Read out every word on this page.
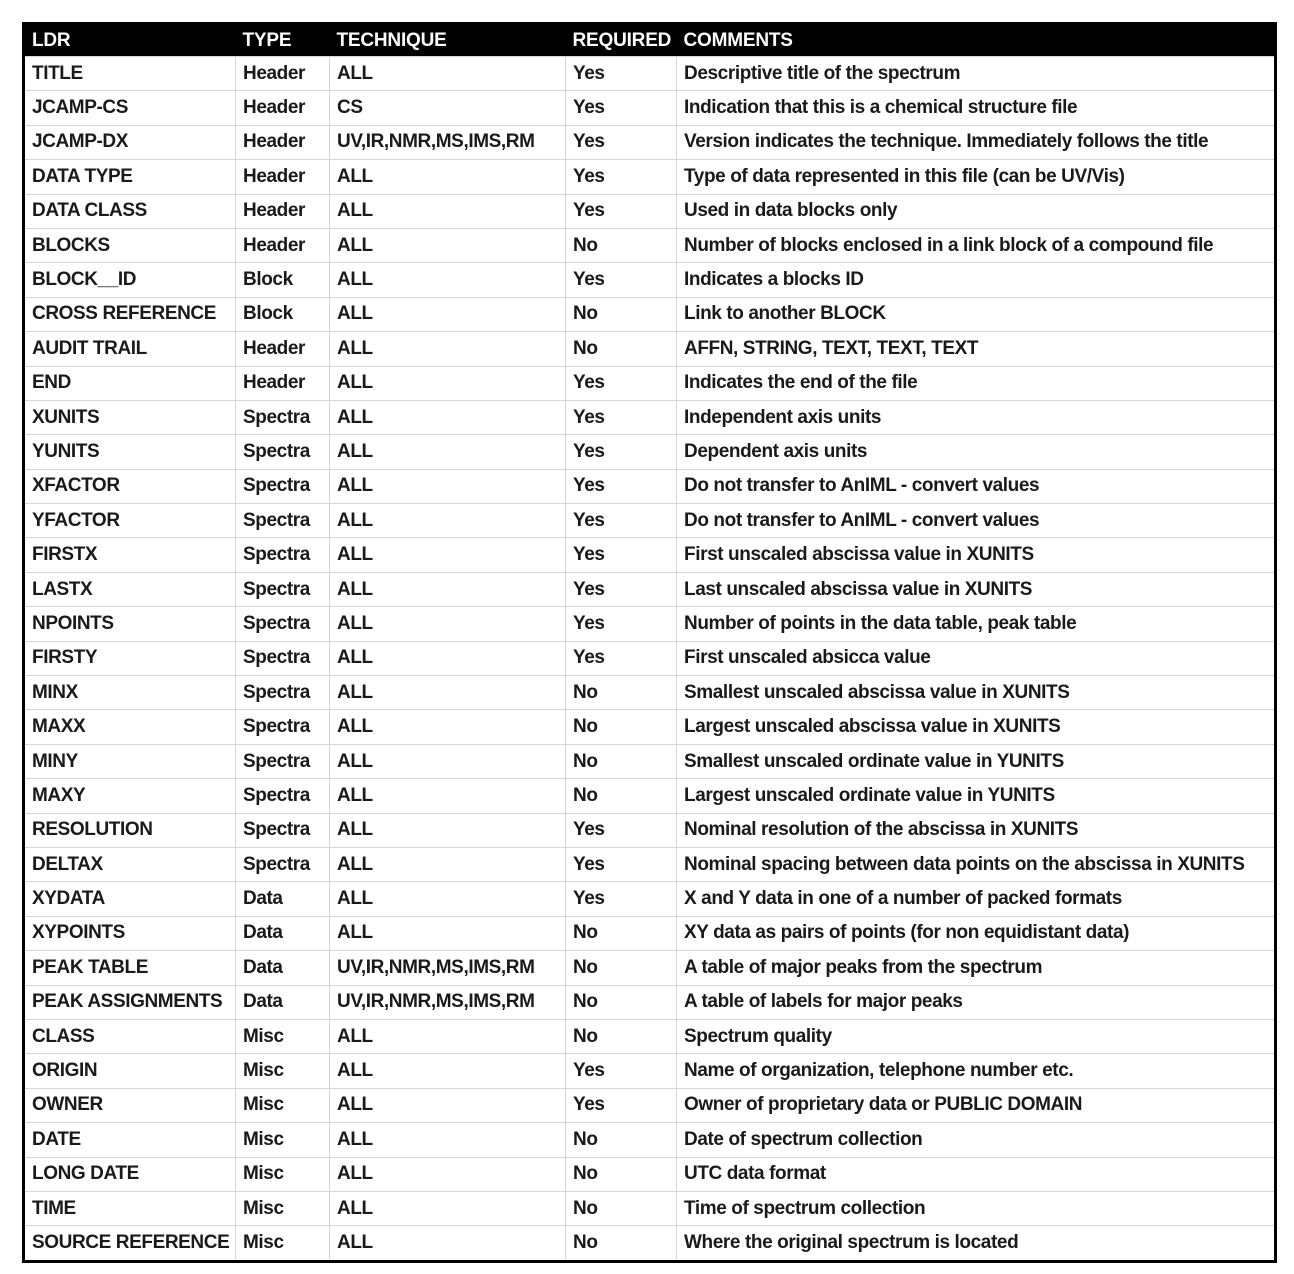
LDR	TYPE	TECHNIQUE	REQUIRED	COMMENTS
TITLE	Header	ALL	Yes	Descriptive title of the spectrum
JCAMP-CS	Header	CS	Yes	Indication that this is a chemical structure file
JCAMP-DX	Header	UV,IR,NMR,MS,IMS,RM	Yes	Version indicates the technique. Immediately follows the title
DATA TYPE	Header	ALL	Yes	Type of data represented in this file (can be UV/Vis)
DATA CLASS	Header	ALL	Yes	Used in data blocks only
BLOCKS	Header	ALL	No	Number of blocks enclosed in a link block of a compound file
BLOCK__ID	Block	ALL	Yes	Indicates a blocks ID
CROSS REFERENCE	Block	ALL	No	Link to another BLOCK
AUDIT TRAIL	Header	ALL	No	AFFN, STRING, TEXT, TEXT, TEXT
END	Header	ALL	Yes	Indicates the end of the file
XUNITS	Spectra	ALL	Yes	Independent axis units
YUNITS	Spectra	ALL	Yes	Dependent axis units
XFACTOR	Spectra	ALL	Yes	Do not transfer to AnIML - convert values
YFACTOR	Spectra	ALL	Yes	Do not transfer to AnIML - convert values
FIRSTX	Spectra	ALL	Yes	First unscaled abscissa value in XUNITS
LASTX	Spectra	ALL	Yes	Last unscaled abscissa value in XUNITS
NPOINTS	Spectra	ALL	Yes	Number of points in the data table, peak table
FIRSTY	Spectra	ALL	Yes	First unscaled absicca value
MINX	Spectra	ALL	No	Smallest unscaled abscissa value in XUNITS
MAXX	Spectra	ALL	No	Largest unscaled abscissa value in XUNITS
MINY	Spectra	ALL	No	Smallest unscaled ordinate value in YUNITS
MAXY	Spectra	ALL	No	Largest unscaled ordinate value in YUNITS
RESOLUTION	Spectra	ALL	Yes	Nominal resolution of the abscissa in XUNITS
DELTAX	Spectra	ALL	Yes	Nominal spacing between data points on the abscissa in XUNITS
XYDATA	Data	ALL	Yes	X and Y data in one of a number of packed formats
XYPOINTS	Data	ALL	No	XY data as pairs of points (for non equidistant data)
PEAK TABLE	Data	UV,IR,NMR,MS,IMS,RM	No	A table of major peaks from the spectrum
PEAK ASSIGNMENTS	Data	UV,IR,NMR,MS,IMS,RM	No	A table of labels for major peaks
CLASS	Misc	ALL	No	Spectrum quality
ORIGIN	Misc	ALL	Yes	Name of organization, telephone number etc.
OWNER	Misc	ALL	Yes	Owner of proprietary data or PUBLIC DOMAIN
DATE	Misc	ALL	No	Date of spectrum collection
LONG DATE	Misc	ALL	No	UTC data format
TIME	Misc	ALL	No	Time of spectrum collection
SOURCE REFERENCE	Misc	ALL	No	Where the original spectrum is located
